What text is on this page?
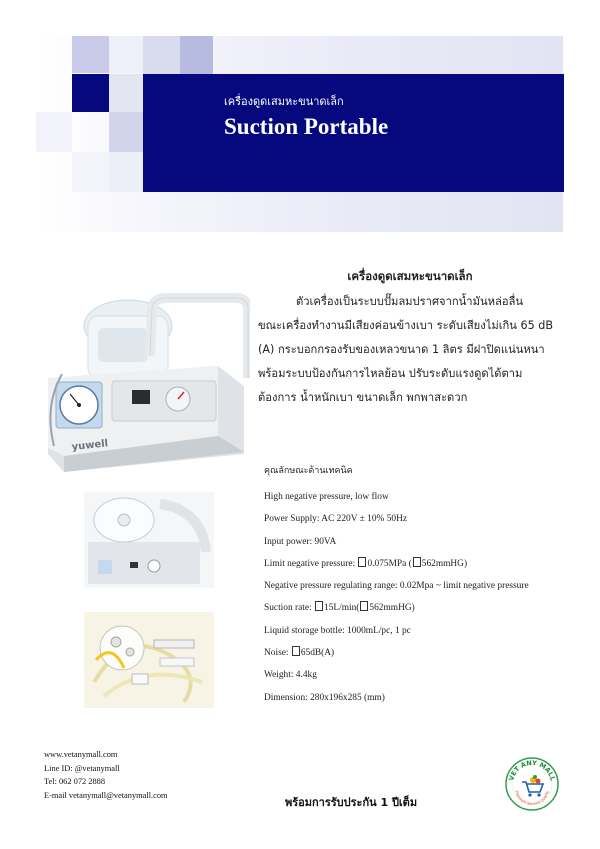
เครื่องดูดเสมหะขนาดเล็ก
Suction Portable
yuwell
เครื่องดูดเสมหะขนาดเล็ก
ตัวเครื่องเป็นระบบปั๊มลมปราศจากน้ำมันหล่อลื่น
ขณะเครื่องทำงานมีเสียงค่อนข้างเบา ระดับเสียงไม่เกิน 65 dB
(A) กระบอกกรองรับของเหลวขนาด 1 ลิตร มีฝาปิดแน่นหนา
พร้อมระบบป้องกันการไหลย้อน ปรับระดับแรงดูดได้ตาม
ต้องการ น้ำหนักเบา ขนาดเล็ก พกพาสะดวก
คุณลักษณะด้านเทคนิค
High negative pressure, low flow
Power Supply: AC 220V ± 10% 50Hz
Input power: 90VA
Limit negative pressure: 0.075MPa ( 562mmHG)
Negative pressure regulating range: 0.02Mpa ~ limit negative pressure
Suction rate: 15L/min( 562mmHG)
Liquid storage bottle: 1000mL/pc, 1 pc
Noise: 65dB(A)
Weight: 4.4kg
Dimension: 280x196x285 (mm)
www.vetanymall.com
Line ID: @vetanymall
Tel: 062 072 2888
E-mail vetanymall@vetanymall.com
พร้อมการรับประกัน 1 ปีเต็ม
VET ANY MALL
Premium Service Quality
